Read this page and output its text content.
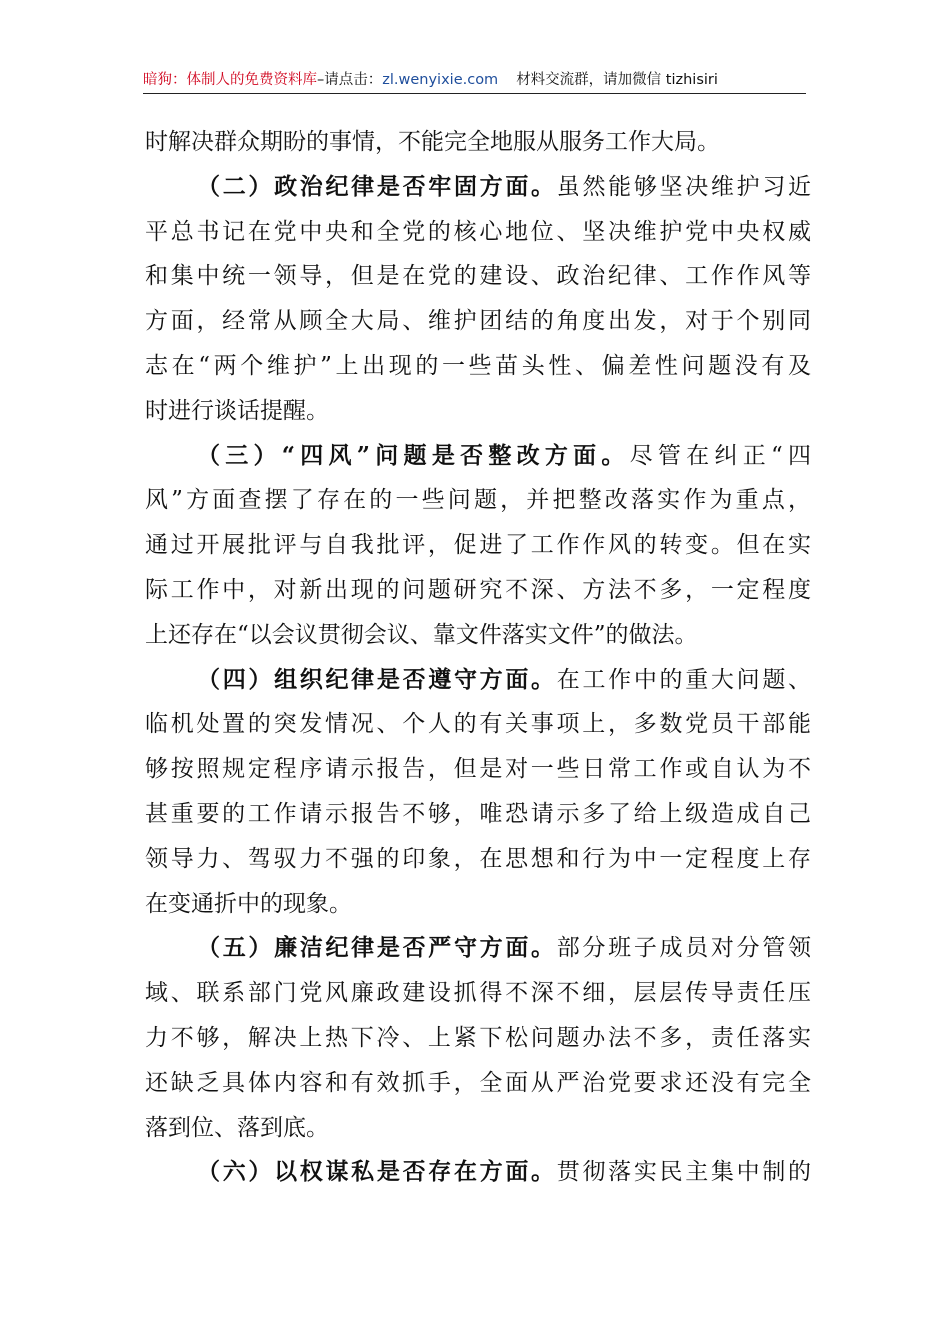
暗狗：体制人的免费资料库–请点击：zl.wenyixie.com 材料交流群，请加微信 tizhisiri
时解决群众期盼的事情，不能完全地服从服务工作大局。
（二）政治纪律是否牢固方面。虽然能够坚决维护习近
平总书记在党中央和全党的核心地位、坚决维护党中央权威
和集中统一领导，但是在党的建设、政治纪律、工作作风等
方面，经常从顾全大局、维护团结的角度出发，对于个别同
志在“两个维护”上出现的一些苗头性、偏差性问题没有及
时进行谈话提醒。
（三）“四风”问题是否整改方面。尽管在纠正“四
风”方面查摆了存在的一些问题，并把整改落实作为重点，
通过开展批评与自我批评，促进了工作作风的转变。但在实
际工作中，对新出现的问题研究不深、方法不多，一定程度
上还存在“以会议贯彻会议、靠文件落实文件”的做法。
（四）组织纪律是否遵守方面。在工作中的重大问题、
临机处置的突发情况、个人的有关事项上，多数党员干部能
够按照规定程序请示报告，但是对一些日常工作或自认为不
甚重要的工作请示报告不够，唯恐请示多了给上级造成自己
领导力、驾驭力不强的印象，在思想和行为中一定程度上存
在变通折中的现象。
（五）廉洁纪律是否严守方面。部分班子成员对分管领
域、联系部门党风廉政建设抓得不深不细，层层传导责任压
力不够，解决上热下冷、上紧下松问题办法不多，责任落实
还缺乏具体内容和有效抓手，全面从严治党要求还没有完全
落到位、落到底。
（六）以权谋私是否存在方面。贯彻落实民主集中制的
